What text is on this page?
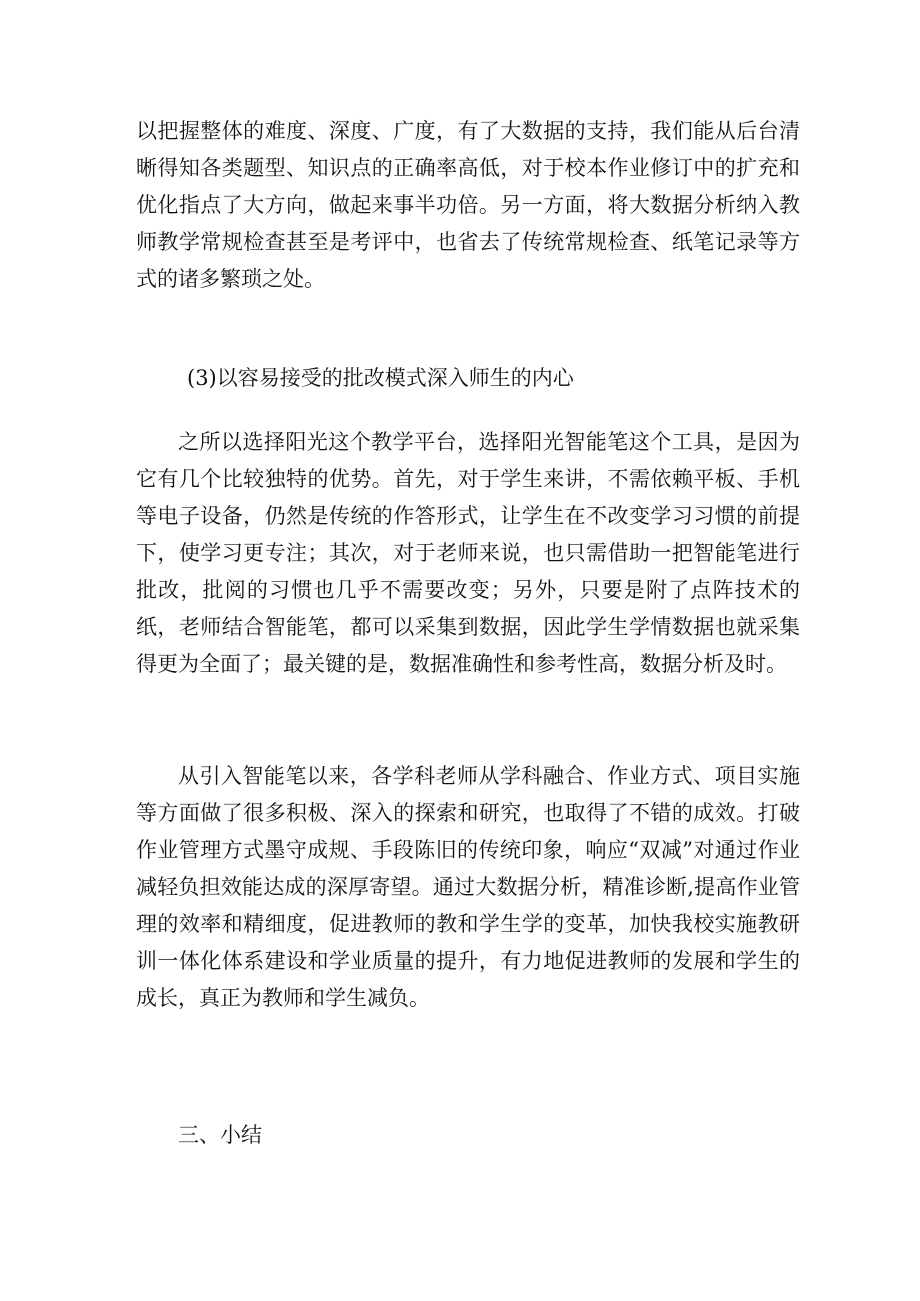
以把握整体的难度、深度、广度，有了大数据的支持，我们能从后台清晰得知各类题型、知识点的正确率高低，对于校本作业修订中的扩充和优化指点了大方向，做起来事半功倍。另一方面，将大数据分析纳入教师教学常规检查甚至是考评中，也省去了传统常规检查、纸笔记录等方式的诸多繁琐之处。

(3)以容易接受的批改模式深入师生的内心

之所以选择阳光这个教学平台，选择阳光智能笔这个工具，是因为它有几个比较独特的优势。首先，对于学生来讲，不需依赖平板、手机等电子设备，仍然是传统的作答形式，让学生在不改变学习习惯的前提下，使学习更专注；其次，对于老师来说，也只需借助一把智能笔进行批改，批阅的习惯也几乎不需要改变；另外，只要是附了点阵技术的纸，老师结合智能笔，都可以采集到数据，因此学生学情数据也就采集得更为全面了；最关键的是，数据准确性和参考性高，数据分析及时。

从引入智能笔以来，各学科老师从学科融合、作业方式、项目实施等方面做了很多积极、深入的探索和研究，也取得了不错的成效。打破作业管理方式墨守成规、手段陈旧的传统印象，响应“双减”对通过作业减轻负担效能达成的深厚寄望。通过大数据分析，精准诊断,提高作业管理的效率和精细度，促进教师的教和学生学的变革，加快我校实施教研训一体化体系建设和学业质量的提升，有力地促进教师的发展和学生的成长，真正为教师和学生减负。

三、小结
